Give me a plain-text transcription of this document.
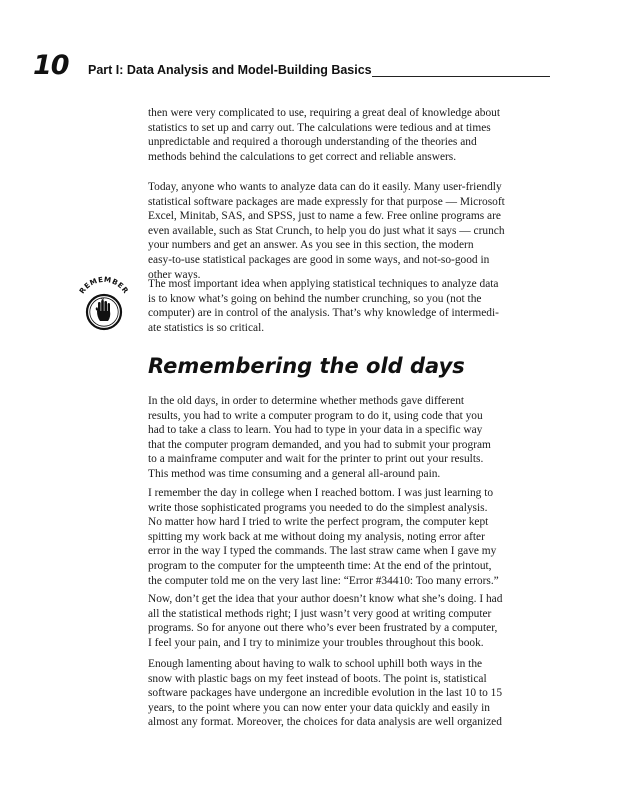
10 Part I: Data Analysis and Model-Building Basics

then were very complicated to use, requiring a great deal of knowledge about
statistics to set up and carry out. The calculations were tedious and at times
unpredictable and required a thorough understanding of the theories and
methods behind the calculations to get correct and reliable answers.

Today, anyone who wants to analyze data can do it easily. Many user-friendly
statistical software packages are made expressly for that purpose — Microsoft
Excel, Minitab, SAS, and SPSS, just to name a few. Free online programs are
even available, such as Stat Crunch, to help you do just what it says — crunch
your numbers and get an answer. As you see in this section, the modern
easy-to-use statistical packages are good in some ways, and not-so-good in
other ways.

REMEMBER

The most important idea when applying statistical techniques to analyze data
is to know what’s going on behind the number crunching, so you (not the
computer) are in control of the analysis. That’s why knowledge of intermedi-
ate statistics is so critical.

Remembering the old days

In the old days, in order to determine whether methods gave different
results, you had to write a computer program to do it, using code that you
had to take a class to learn. You had to type in your data in a specific way
that the computer program demanded, and you had to submit your program
to a mainframe computer and wait for the printer to print out your results.
This method was time consuming and a general all-around pain.

I remember the day in college when I reached bottom. I was just learning to
write those sophisticated programs you needed to do the simplest analysis.
No matter how hard I tried to write the perfect program, the computer kept
spitting my work back at me without doing my analysis, noting error after
error in the way I typed the commands. The last straw came when I gave my
program to the computer for the umpteenth time: At the end of the printout,
the computer told me on the very last line: “Error #34410: Too many errors.”

Now, don’t get the idea that your author doesn’t know what she’s doing. I had
all the statistical methods right; I just wasn’t very good at writing computer
programs. So for anyone out there who’s ever been frustrated by a computer,
I feel your pain, and I try to minimize your troubles throughout this book.

Enough lamenting about having to walk to school uphill both ways in the
snow with plastic bags on my feet instead of boots. The point is, statistical
software packages have undergone an incredible evolution in the last 10 to 15
years, to the point where you can now enter your data quickly and easily in
almost any format. Moreover, the choices for data analysis are well organized
